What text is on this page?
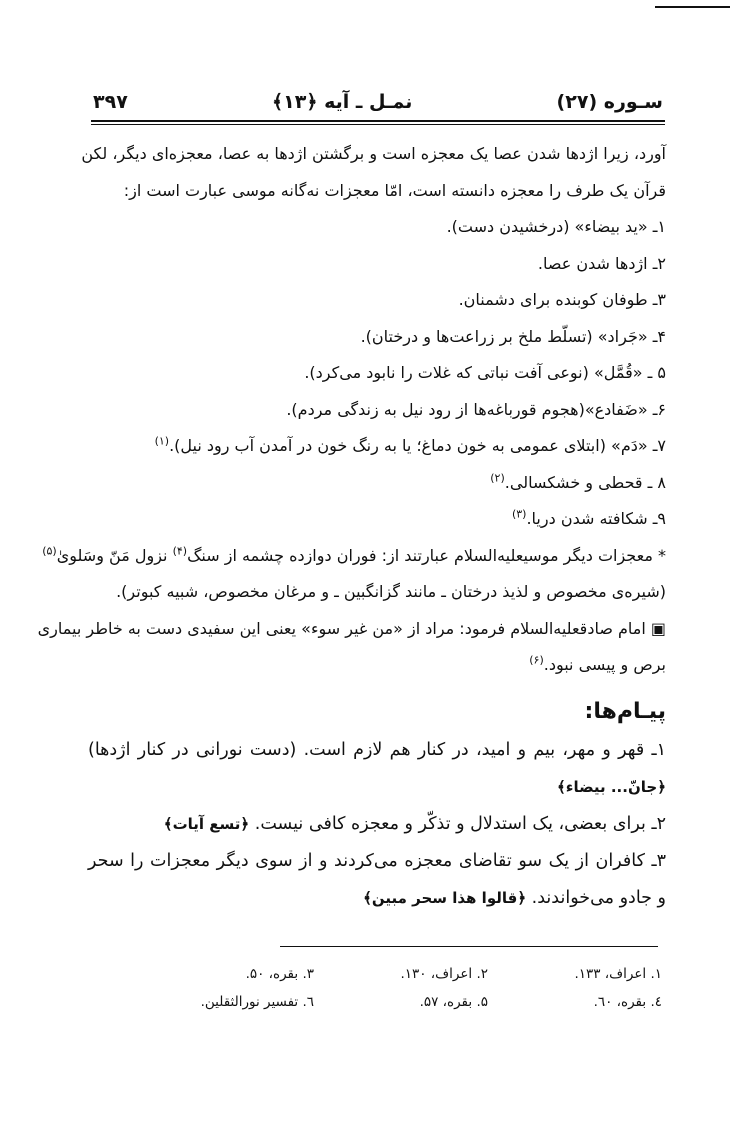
۳۹۷	نمـل ـ آیه ﴿۱۳﴾	سـوره (۲۷)
آورد، زیرا اژدها شدن عصا یک معجزه است و برگشتن اژدها به عصا، معجزه‌ای دیگر، لکن
قرآن یک طرف را معجزه دانسته است، امّا معجزات نه‌گانه موسی عبارت است از:
۱ـ «ید بیضاء» (درخشیدن دست).
۲ـ اژدها شدن عصا.
۳ـ طوفان کوبنده برای دشمنان.
۴ـ «جَراد» (تسلّط ملخ بر زراعت‌ها و درختان).
۵ ـ «قُمَّل» (نوعی آفت نباتی که غلات را نابود می‌کرد).
۶ـ «ضَفادع»(هجوم قورباغه‌ها از رود نیل به زندگی مردم).
۷ـ «دَم» (ابتلای عمومی به خون دماغ؛ یا به رنگ خون در آمدن آب رود نیل).$^{(۱)}$
۸ ـ قحطی و خشکسالی.$^{(۲)}$
۹ـ شکافته شدن دریا.$^{(۳)}$
* معجزات دیگر موسیعليه‌السلام عبارتند از: فوران دوازده چشمه از سنگ$^{(۴)}$ نزول مَنّ وسَلوىٰ$^{(۵)}$
(شیره‌ی مخصوص و لذیذ درختان ـ مانند گزانگبین ـ و مرغان مخصوص، شبیه کبوتر).
▣ امام صادقعليه‌السلام فرمود: مراد از «من غیر سوء» یعنی این سفیدی دست به خاطر بیماری
برص و پیسی نبود.$^{(۶)}$
پیـام‌ها:
۱ـ قهر و مهر، بیم و امید، در کنار هم لازم است. (دست نورانی در کنار اژدها)
﴿جانّ... بیضاء﴾
۲ـ برای بعضی، یک استدلال و تذکّر و معجزه کافی نیست. ﴿تسع آیات﴾
۳ـ کافران از یک سو تقاضای معجزه می‌کردند و از سوی دیگر معجزات را سحر
و جادو می‌خواندند. ﴿قالوا هذا سحر مبین﴾
۱. اعراف، ۱۳۳.
۲. اعراف، ۱۳۰.
۳. بقره، ۵۰.
٤. بقره، ٦٠.
۵. بقره، ۵۷.
٦. تفسیر نورالثقلین.
